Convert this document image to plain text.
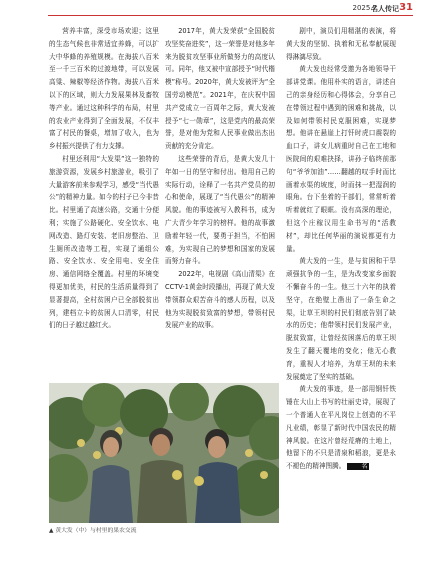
2025.7
名人传记 31

营养丰富，深受市场欢迎；这里的生态气候也非常适宜养蜂，可以扩大中华蜂的养殖规模。在海拔八百米至一千三百米的过渡地带，可以发展高粱、辣椒等经济作物。海拔八百米以下的区域，则大力发展果林及畜牧等产业。通过这种科学的布局，村里的农业产业得到了全面发展，不仅丰富了村民的餐桌，增加了收入，也为乡村振兴提供了有力支撑。

村里还利用“大发渠”这一独特的旅游资源，发展乡村旅游业，吸引了大量游客前来参观学习，感受“当代愚公”的精神力量。如今的村子已今非昔比。村里通了高速公路，交通十分便利；实施了公路硬化、安全饮水、电网改造、路灯安装、老旧房整治、卫生厕所改造等工程，实现了通组公路、安全饮水、安全用电、安全住房、通信网络全覆盖。村里的环境变得更加优美，村民的生活质量得到了显著提高，全村贫困户已全部脱贫出列，建档立卡的贫困人口清零，村民们的日子越过越红火。

2017年，黄大发荣获“全国脱贫攻坚奖奋进奖”，这一荣誉是对他多年来为脱贫攻坚事业所做努力的高度认可。同年，他又被中宣部授予“时代楷模”称号。2020年，黄大发被评为“全国劳动模范”。2021年，在庆祝中国共产党成立一百周年之际，黄大发被授予“七一勋章”，这是党内的最高荣誉，是对他为党和人民事业做出杰出贡献的充分肯定。

这些荣誉的背后，是黄大发几十年如一日的坚守和付出。他用自己的实际行动，诠释了一名共产党员的初心和使命，展现了“当代愚公”的精神风貌。他的事迹被写入教科书，成为广大青少年学习的榜样。他的故事激励着年轻一代，要勇于担当，不怕困难，为实现自己的梦想和国家的发展而努力奋斗。

2022年，电视剧《高山清渠》在CCTV-1黄金时段播出，再现了黄大发带领群众艰苦奋斗的感人历程，以及他为实现脱贫致富的梦想，带领村民发展产业的故事。

剧中，演员们用精湛的表演，将黄大发的坚韧、执着和无私奉献展现得淋漓尽致。

黄大发也经常受邀为各地领导干部讲党课。他用朴实的语言，讲述自己的亲身经历和心得体会，分享自己在带领过程中遇到的困难和挑战，以及如何带领村民克服困难，实现梦想。他讲在悬崖上打钎时虎口震裂的血口子，讲女儿病重时自己在工地和医院间的艰难抉择，讲孙子临终前那句“爷爷加油”……翻越的叹手时而比画着水渠的坡度，时而抹一把湿润的眼角。台下坐着的干部们，常常听着听着就红了眼眶。没有高深的理论，但这个庄稼汉用生命书写的“活教材”，却比任何华丽的演说都更有力量。

黄大发的一生，是与贫困和干旱顽强抗争的一生，是为改变家乡面貌不懈奋斗的一生。他三十六年的执着坚守，在绝壁上凿出了一条生命之渠，让草王坝的村民们彻底告别了缺水的历史；他带领村民们发展产业，脱贫致富，让曾经贫困落后的草王坝发生了翻天覆地的变化；他无心教育，重视人才培养，为草王坝的未来发展奠定了坚实的基础。

黄大发的事迹，是一部用钢钎铁锤在大山上书写的壮丽史诗，展现了一个普通人在平凡岗位上创造的不平凡业绩，彰显了新时代中国农民的精神风貌。在这片曾经荒瘠的土地上，他留下的不只是清泉和稻浪，更是永不褪色的精神图腾。	名

▲ 黄大发（中）与村里的果农交流
